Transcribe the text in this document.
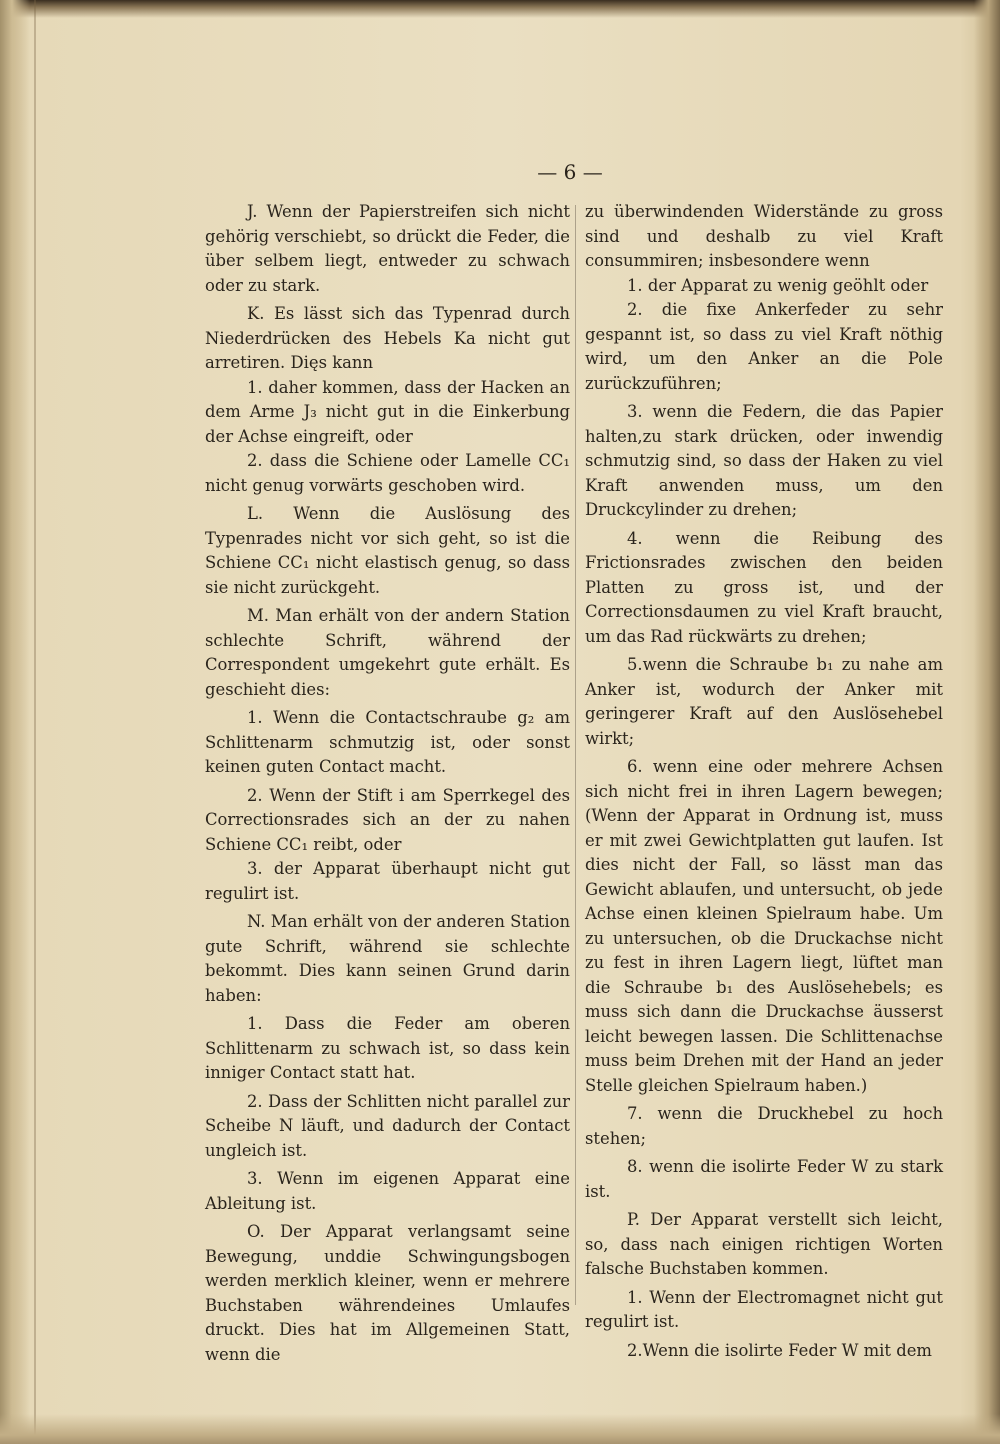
— 6 —

J. Wenn der Papierstreifen sich nicht gehörig verschiebt, so drückt die Feder, die über selbem liegt, entweder zu schwach oder zu stark.

K. Es lässt sich das Typenrad durch Niederdrücken des Hebels Ka nicht gut arretiren. Dięs kann

1. daher kommen, dass der Hacken an dem Arme J₃ nicht gut in die Einkerbung der Achse eingreift, oder

2. dass die Schiene oder Lamelle CC₁ nicht genug vorwärts geschoben wird.

L. Wenn die Auslösung des Typenrades nicht vor sich geht, so ist die Schiene CC₁ nicht elastisch genug, so dass sie nicht zurückgeht.

M. Man erhält von der andern Station schlechte Schrift, während der Correspondent umgekehrt gute erhält. Es geschieht dies:

1. Wenn die Contactschraube g₂ am Schlittenarm schmutzig ist, oder sonst keinen guten Contact macht.

2. Wenn der Stift i am Sperrkegel des Correctionsrades sich an der zu nahen Schiene CC₁ reibt, oder

3. der Apparat überhaupt nicht gut regulirt ist.

N. Man erhält von der anderen Station gute Schrift, während sie schlechte bekommt. Dies kann seinen Grund darin haben:

1. Dass die Feder am oberen Schlittenarm zu schwach ist, so dass kein inniger Contact statt hat.

2. Dass der Schlitten nicht parallel zur Scheibe N läuft, und dadurch der Contact ungleich ist.

3. Wenn im eigenen Apparat eine Ableitung ist.

O. Der Apparat verlangsamt seine Bewegung, unddie Schwingungsbogen werden merklich kleiner, wenn er mehrere Buchstaben währendeines Umlaufes druckt. Dies hat im Allgemeinen Statt, wenn die

zu überwindenden Widerstände zu gross sind und deshalb zu viel Kraft consummiren; insbesondere wenn

1. der Apparat zu wenig geöhlt oder

2. die fixe Ankerfeder zu sehr gespannt ist, so dass zu viel Kraft nöthig wird, um den Anker an die Pole zurückzuführen;

3. wenn die Federn, die das Papier halten,zu stark drücken, oder inwendig schmutzig sind, so dass der Haken zu viel Kraft anwenden muss, um den Druckcylinder zu drehen;

4. wenn die Reibung des Frictionsrades zwischen den beiden Platten zu gross ist, und der Correctionsdaumen zu viel Kraft braucht, um das Rad rückwärts zu drehen;

5.wenn die Schraube b₁ zu nahe am Anker ist, wodurch der Anker mit geringerer Kraft auf den Auslösehebel wirkt;

6. wenn eine oder mehrere Achsen sich nicht frei in ihren Lagern bewegen; (Wenn der Apparat in Ordnung ist, muss er mit zwei Gewichtplatten gut laufen. Ist dies nicht der Fall, so lässt man das Gewicht ablaufen, und untersucht, ob jede Achse einen kleinen Spielraum habe. Um zu untersuchen, ob die Druckachse nicht zu fest in ihren Lagern liegt, lüftet man die Schraube b₁ des Auslösehebels; es muss sich dann die Druckachse äusserst leicht bewegen lassen. Die Schlittenachse muss beim Drehen mit der Hand an jeder Stelle gleichen Spielraum haben.)

7. wenn die Druckhebel zu hoch stehen;

8. wenn die isolirte Feder W zu stark ist.

P. Der Apparat verstellt sich leicht, so, dass nach einigen richtigen Worten falsche Buchstaben kommen.

1. Wenn der Electromagnet nicht gut regulirt ist.

2.Wenn die isolirte Feder W mit dem
